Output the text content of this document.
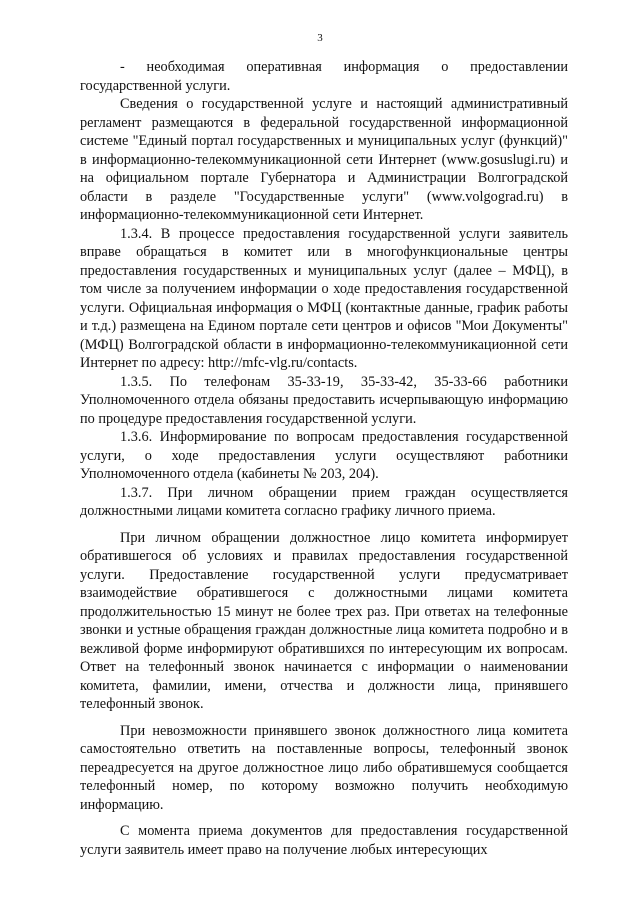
3

- необходимая оперативная информация о предоставлении государственной услуги.

Сведения о государственной услуге и настоящий административный регламент размещаются в федеральной государственной информационной системе "Единый портал государственных и муниципальных услуг (функций)" в информационно-телекоммуникационной сети Интернет (www.gosuslugi.ru) и на официальном портале Губернатора и Администрации Волгоградской области в разделе "Государственные услуги" (www.volgograd.ru) в информационно-телекоммуникационной сети Интернет.

1.3.4. В процессе предоставления государственной услуги заявитель вправе обращаться в комитет или в многофункциональные центры предоставления государственных и муниципальных услуг (далее – МФЦ), в том числе за получением информации о ходе предоставления государственной услуги. Официальная информация о МФЦ (контактные данные, график работы и т.д.) размещена на Едином портале сети центров и офисов "Мои Документы" (МФЦ) Волгоградской области в информационно-телекоммуникационной сети Интернет по адресу: http://mfc-vlg.ru/contacts.

1.3.5. По телефонам 35-33-19, 35-33-42, 35-33-66 работники Уполномоченного отдела обязаны предоставить исчерпывающую информацию по процедуре предоставления государственной услуги.

1.3.6. Информирование по вопросам предоставления государственной услуги, о ходе предоставления услуги осуществляют работники Уполномоченного отдела (кабинеты № 203, 204).

1.3.7. При личном обращении прием граждан осуществляется должностными лицами комитета согласно графику личного приема.

При личном обращении должностное лицо комитета информирует обратившегося об условиях и правилах предоставления государственной услуги. Предоставление государственной услуги предусматривает взаимодействие обратившегося с должностными лицами комитета продолжительностью 15 минут не более трех раз. При ответах на телефонные звонки и устные обращения граждан должностные лица комитета подробно и в вежливой форме информируют обратившихся по интересующим их вопросам. Ответ на телефонный звонок начинается с информации о наименовании комитета, фамилии, имени, отчества и должности лица, принявшего телефонный звонок.

При невозможности принявшего звонок должностного лица комитета самостоятельно ответить на поставленные вопросы, телефонный звонок переадресуется на другое должностное лицо либо обратившемуся сообщается телефонный номер, по которому возможно получить необходимую информацию.

С момента приема документов для предоставления государственной услуги заявитель имеет право на получение любых интересующих
